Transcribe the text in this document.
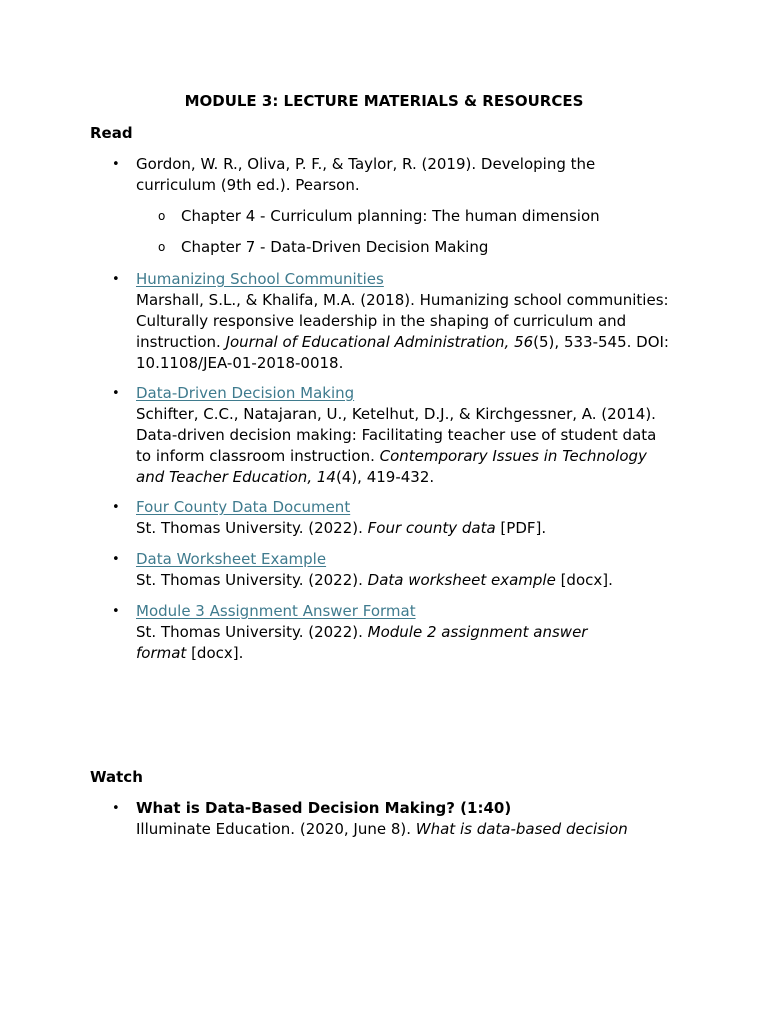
MODULE 3: LECTURE MATERIALS & RESOURCES
Read
• Gordon, W. R., Oliva, P. F., & Taylor, R. (2019). Developing the
curriculum (9th ed.). Pearson.
o Chapter 4 - Curriculum planning: The human dimension
o Chapter 7 - Data-Driven Decision Making
• Humanizing School Communities
Marshall, S.L., & Khalifa, M.A. (2018). Humanizing school communities:
Culturally responsive leadership in the shaping of curriculum and
instruction. Journal of Educational Administration, 56(5), 533-545. DOI:
10.1108/JEA-01-2018-0018.
• Data-Driven Decision Making
Schifter, C.C., Natajaran, U., Ketelhut, D.J., & Kirchgessner, A. (2014).
Data-driven decision making: Facilitating teacher use of student data
to inform classroom instruction. Contemporary Issues in Technology
and Teacher Education, 14(4), 419-432.
• Four County Data Document
St. Thomas University. (2022). Four county data [PDF].
• Data Worksheet Example
St. Thomas University. (2022). Data worksheet example [docx].
• Module 3 Assignment Answer Format
St. Thomas University. (2022). Module 2 assignment answer
format [docx].
Watch
• What is Data-Based Decision Making? (1:40)
Illuminate Education. (2020, June 8). What is data-based decision
